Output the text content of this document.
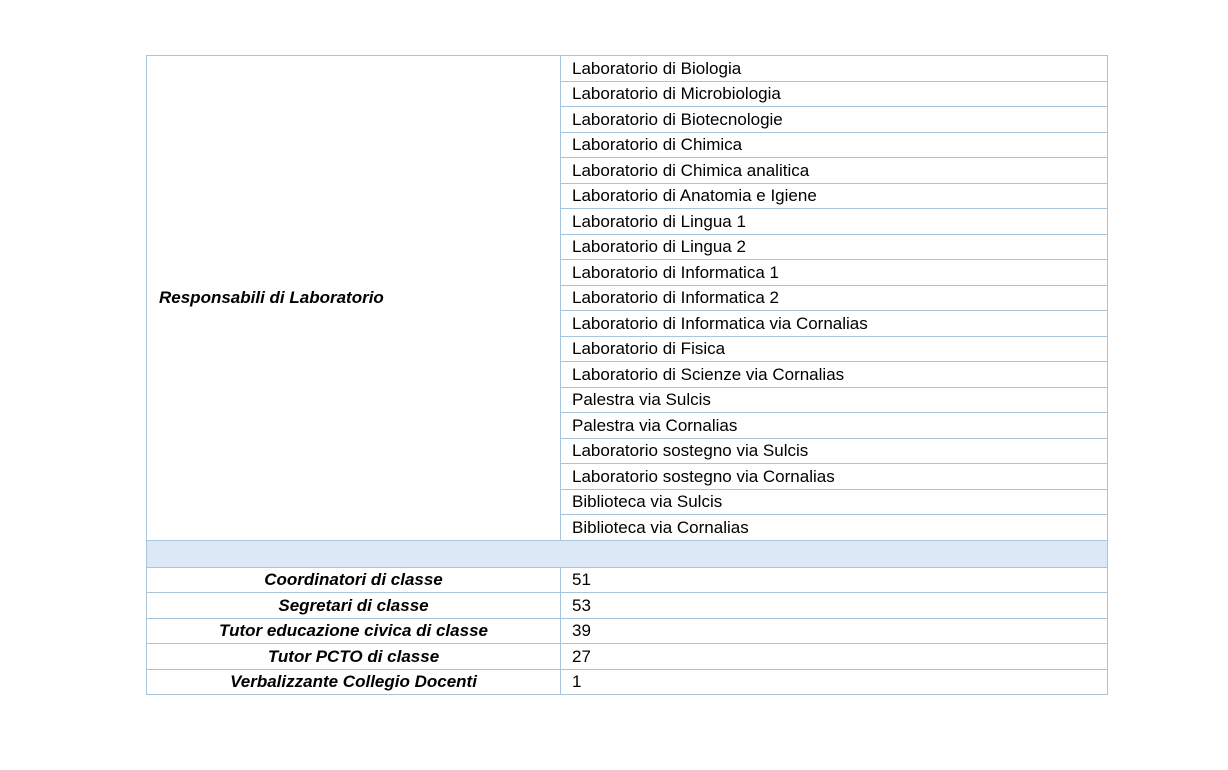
Responsabili di Laboratorio	Laboratorio di Biologia
	Laboratorio di Microbiologia
	Laboratorio di Biotecnologie
	Laboratorio di Chimica
	Laboratorio di Chimica analitica
	Laboratorio di Anatomia e Igiene
	Laboratorio di Lingua 1
	Laboratorio di Lingua 2
	Laboratorio di Informatica 1
	Laboratorio di Informatica 2
	Laboratorio di Informatica via Cornalias
	Laboratorio di Fisica
	Laboratorio di Scienze via Cornalias
	Palestra via Sulcis
	Palestra via Cornalias
	Laboratorio sostegno via Sulcis
	Laboratorio sostegno via Cornalias
	Biblioteca via Sulcis
	Biblioteca via Cornalias

Coordinatori di classe	51
Segretari di classe	53
Tutor educazione civica di classe	39
Tutor PCTO di classe	27
Verbalizzante Collegio Docenti	1
